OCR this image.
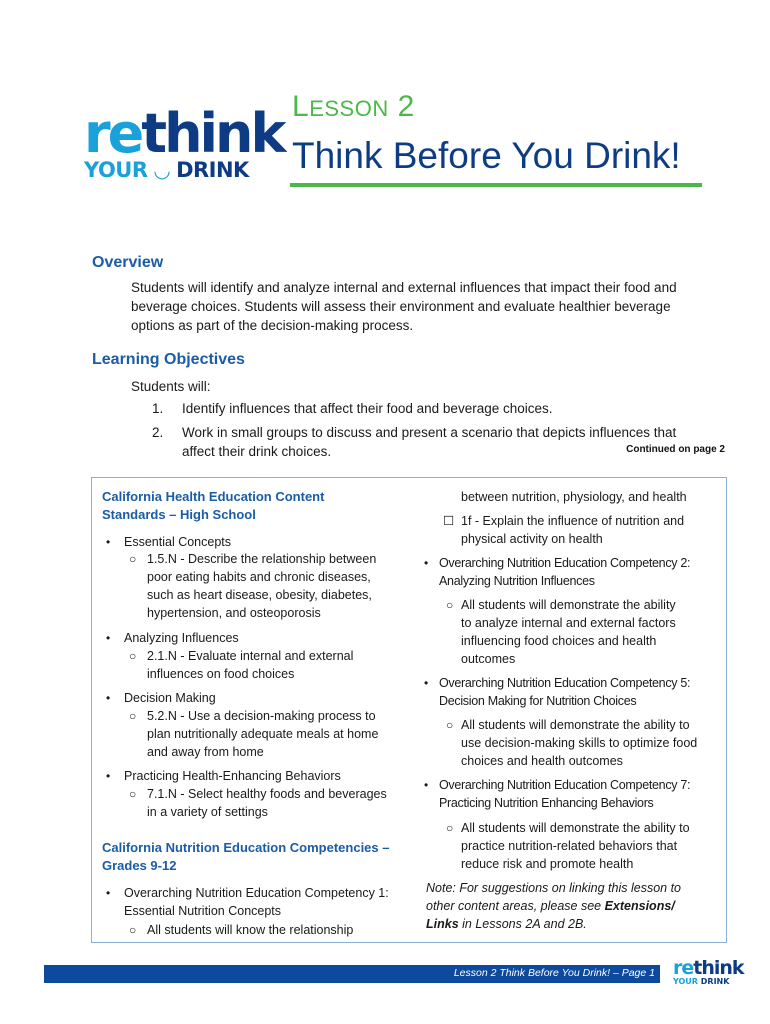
rethink
YOUR ◡ DRINK
LESSON 2
Think Before You Drink!
Overview
Students will identify and analyze internal and external influences that impact their food and
beverage choices. Students will assess their environment and evaluate healthier beverage
options as part of the decision-making process.
Learning Objectives
Students will:
1. Identify influences that affect their food and beverage choices.
2. Work in small groups to discuss and present a scenario that depicts influences that
affect their drink choices.	Continued on page 2
California Health Education Content
Standards – High School
• Essential Concepts
○ 1.5.N - Describe the relationship between
poor eating habits and chronic diseases,
such as heart disease, obesity, diabetes,
hypertension, and osteoporosis
• Analyzing Influences
○ 2.1.N - Evaluate internal and external
influences on food choices
• Decision Making
○ 5.2.N - Use a decision-making process to
plan nutritionally adequate meals at home
and away from home
• Practicing Health-Enhancing Behaviors
○ 7.1.N - Select healthy foods and beverages
in a variety of settings
California Nutrition Education Competencies –
Grades 9-12
• Overarching Nutrition Education Competency 1:
Essential Nutrition Concepts
○ All students will know the relationship
between nutrition, physiology, and health
☐ 1f - Explain the influence of nutrition and
physical activity on health
• Overarching Nutrition Education Competency 2:
Analyzing Nutrition Influences
○ All students will demonstrate the ability
to analyze internal and external factors
influencing food choices and health
outcomes
• Overarching Nutrition Education Competency 5:
Decision Making for Nutrition Choices
○ All students will demonstrate the ability to
use decision-making skills to optimize food
choices and health outcomes
• Overarching Nutrition Education Competency 7:
Practicing Nutrition Enhancing Behaviors
○ All students will demonstrate the ability to
practice nutrition-related behaviors that
reduce risk and promote health
Note: For suggestions on linking this lesson to
other content areas, please see Extensions/
Links in Lessons 2A and 2B.
Lesson 2 Think Before You Drink! – Page 1 rethink
YOUR DRINK
